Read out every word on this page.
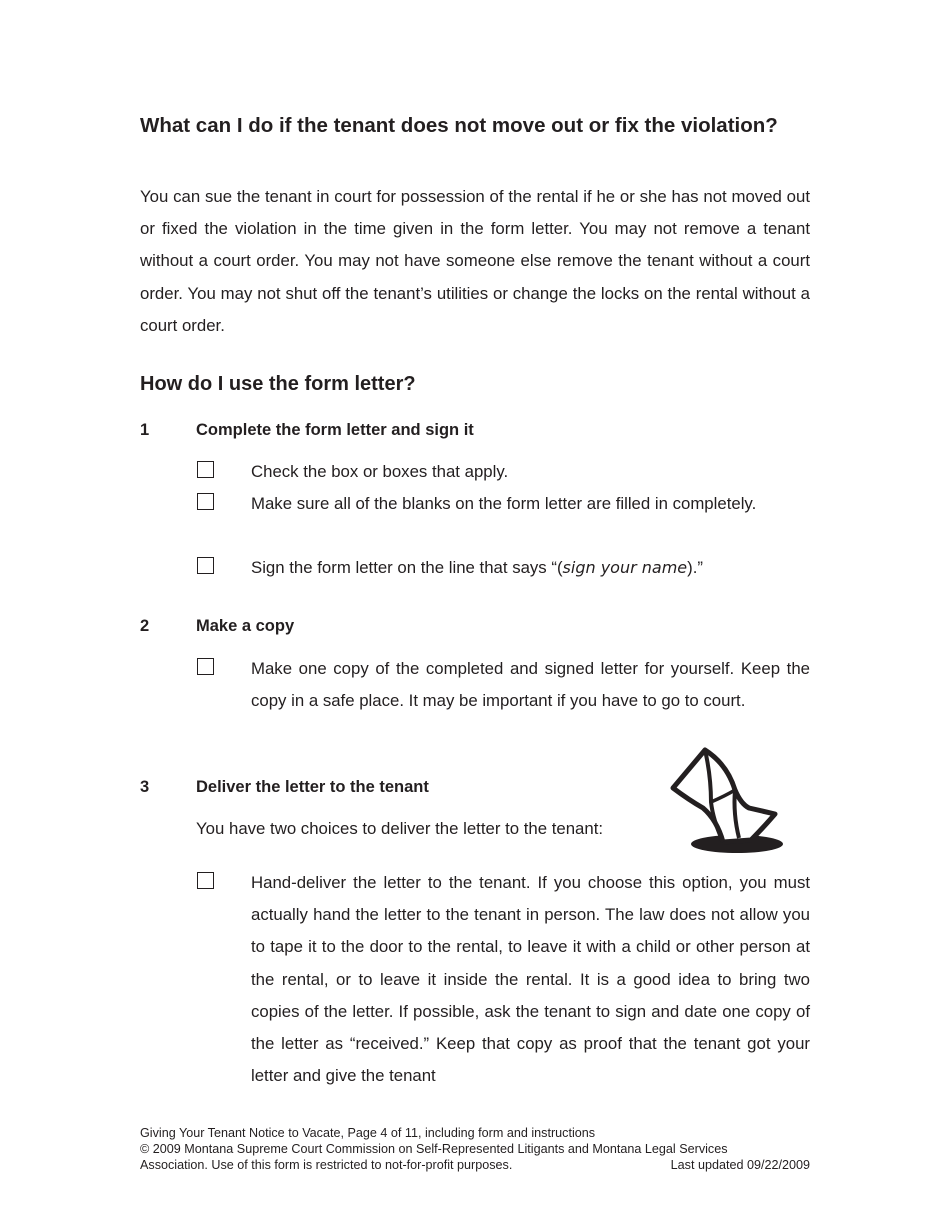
What can I do if the tenant does not move out or fix the violation?

You can sue the tenant in court for possession of the rental if he or she has not moved out or fixed the violation in the time given in the form letter. You may not remove a tenant without a court order. You may not have someone else remove the tenant without a court order. You may not shut off the tenant’s utilities or change the locks on the rental without a court order.

How do I use the form letter?
1	Complete the form letter and sign it
Check the box or boxes that apply.
Make sure all of the blanks on the form letter are filled in completely.
Sign the form letter on the line that says “(sign your name).”
2	Make a copy
Make one copy of the completed and signed letter for yourself. Keep the copy in a safe place. It may be important if you have to go to court.
3	Deliver the letter to the tenant
You have two choices to deliver the letter to the tenant:
Hand-deliver the letter to the tenant. If you choose this option, you must actually hand the letter to the tenant in person. The law does not allow you to tape it to the door to the rental, to leave it with a child or other person at the rental, or to leave it inside the rental. It is a good idea to bring two copies of the letter. If possible, ask the tenant to sign and date one copy of the letter as “received.” Keep that copy as proof that the tenant got your letter and give the tenant
Giving Your Tenant Notice to Vacate, Page 4 of 11, including form and instructions
© 2009 Montana Supreme Court Commission on Self-Represented Litigants and Montana Legal Services
Association. Use of this form is restricted to not-for-profit purposes.	Last updated 09/22/2009
